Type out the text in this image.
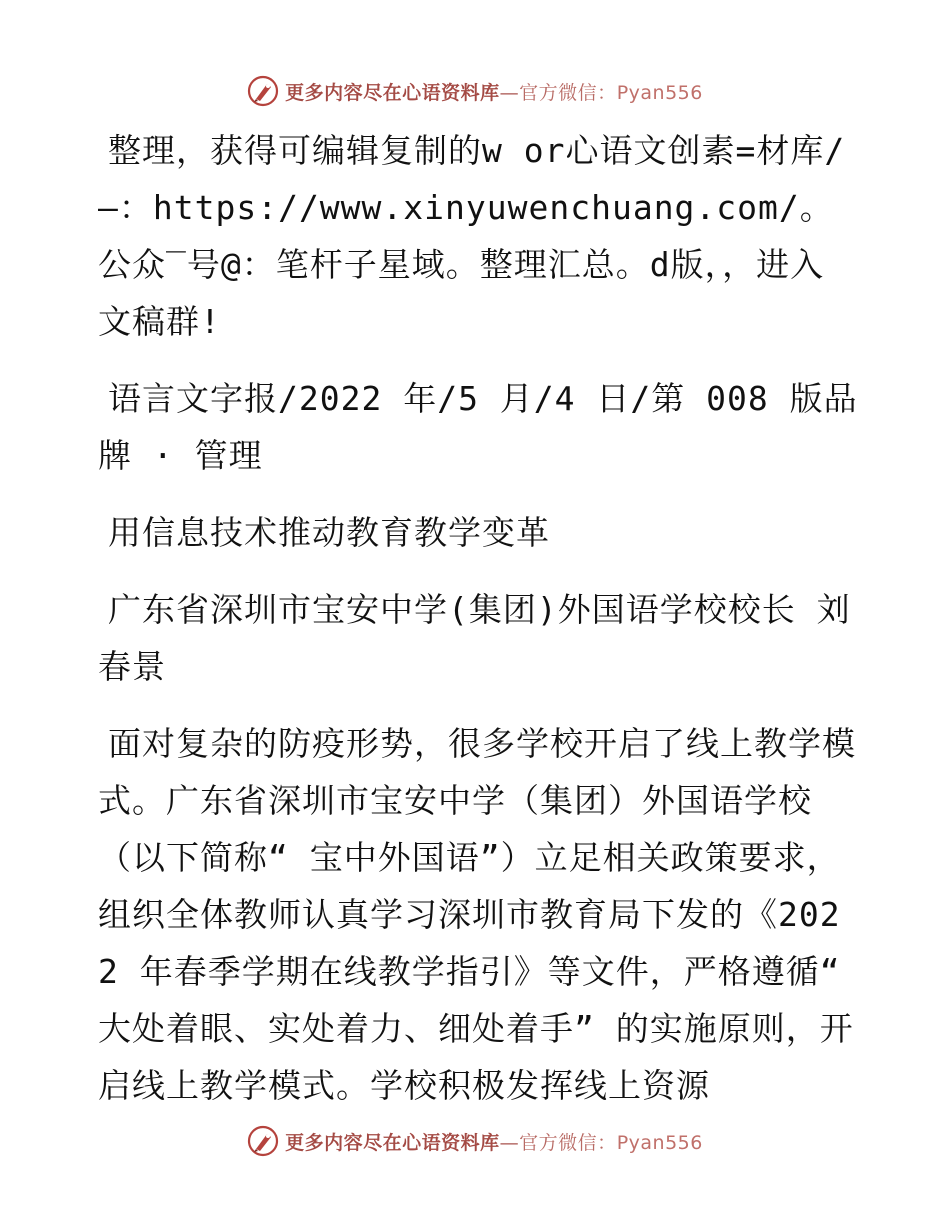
更多内容尽在心语资料库—官方微信：Pyan556

整理，获得可编辑复制的w or心语文创素=材库/—：https://www.xinyuwenchuang.com/。公众‾号@：笔杆子星域。整理汇总。d版，，进入文稿群!

语言文字报/2022 年/5 月/4 日/第 008 版品牌 · 管理

用信息技术推动教育教学变革

广东省深圳市宝安中学(集团)外国语学校校长 刘春景

面对复杂的防疫形势，很多学校开启了线上教学模式。广东省深圳市宝安中学（集团）外国语学校（以下简称“ 宝中外国语”）立足相关政策要求，组织全体教师认真学习深圳市教育局下发的《2022 年春季学期在线教学指引》等文件，严格遵循“ 大处着眼、实处着力、细处着手” 的实施原则，开启线上教学模式。学校积极发挥线上资源

更多内容尽在心语资料库—官方微信：Pyan556
